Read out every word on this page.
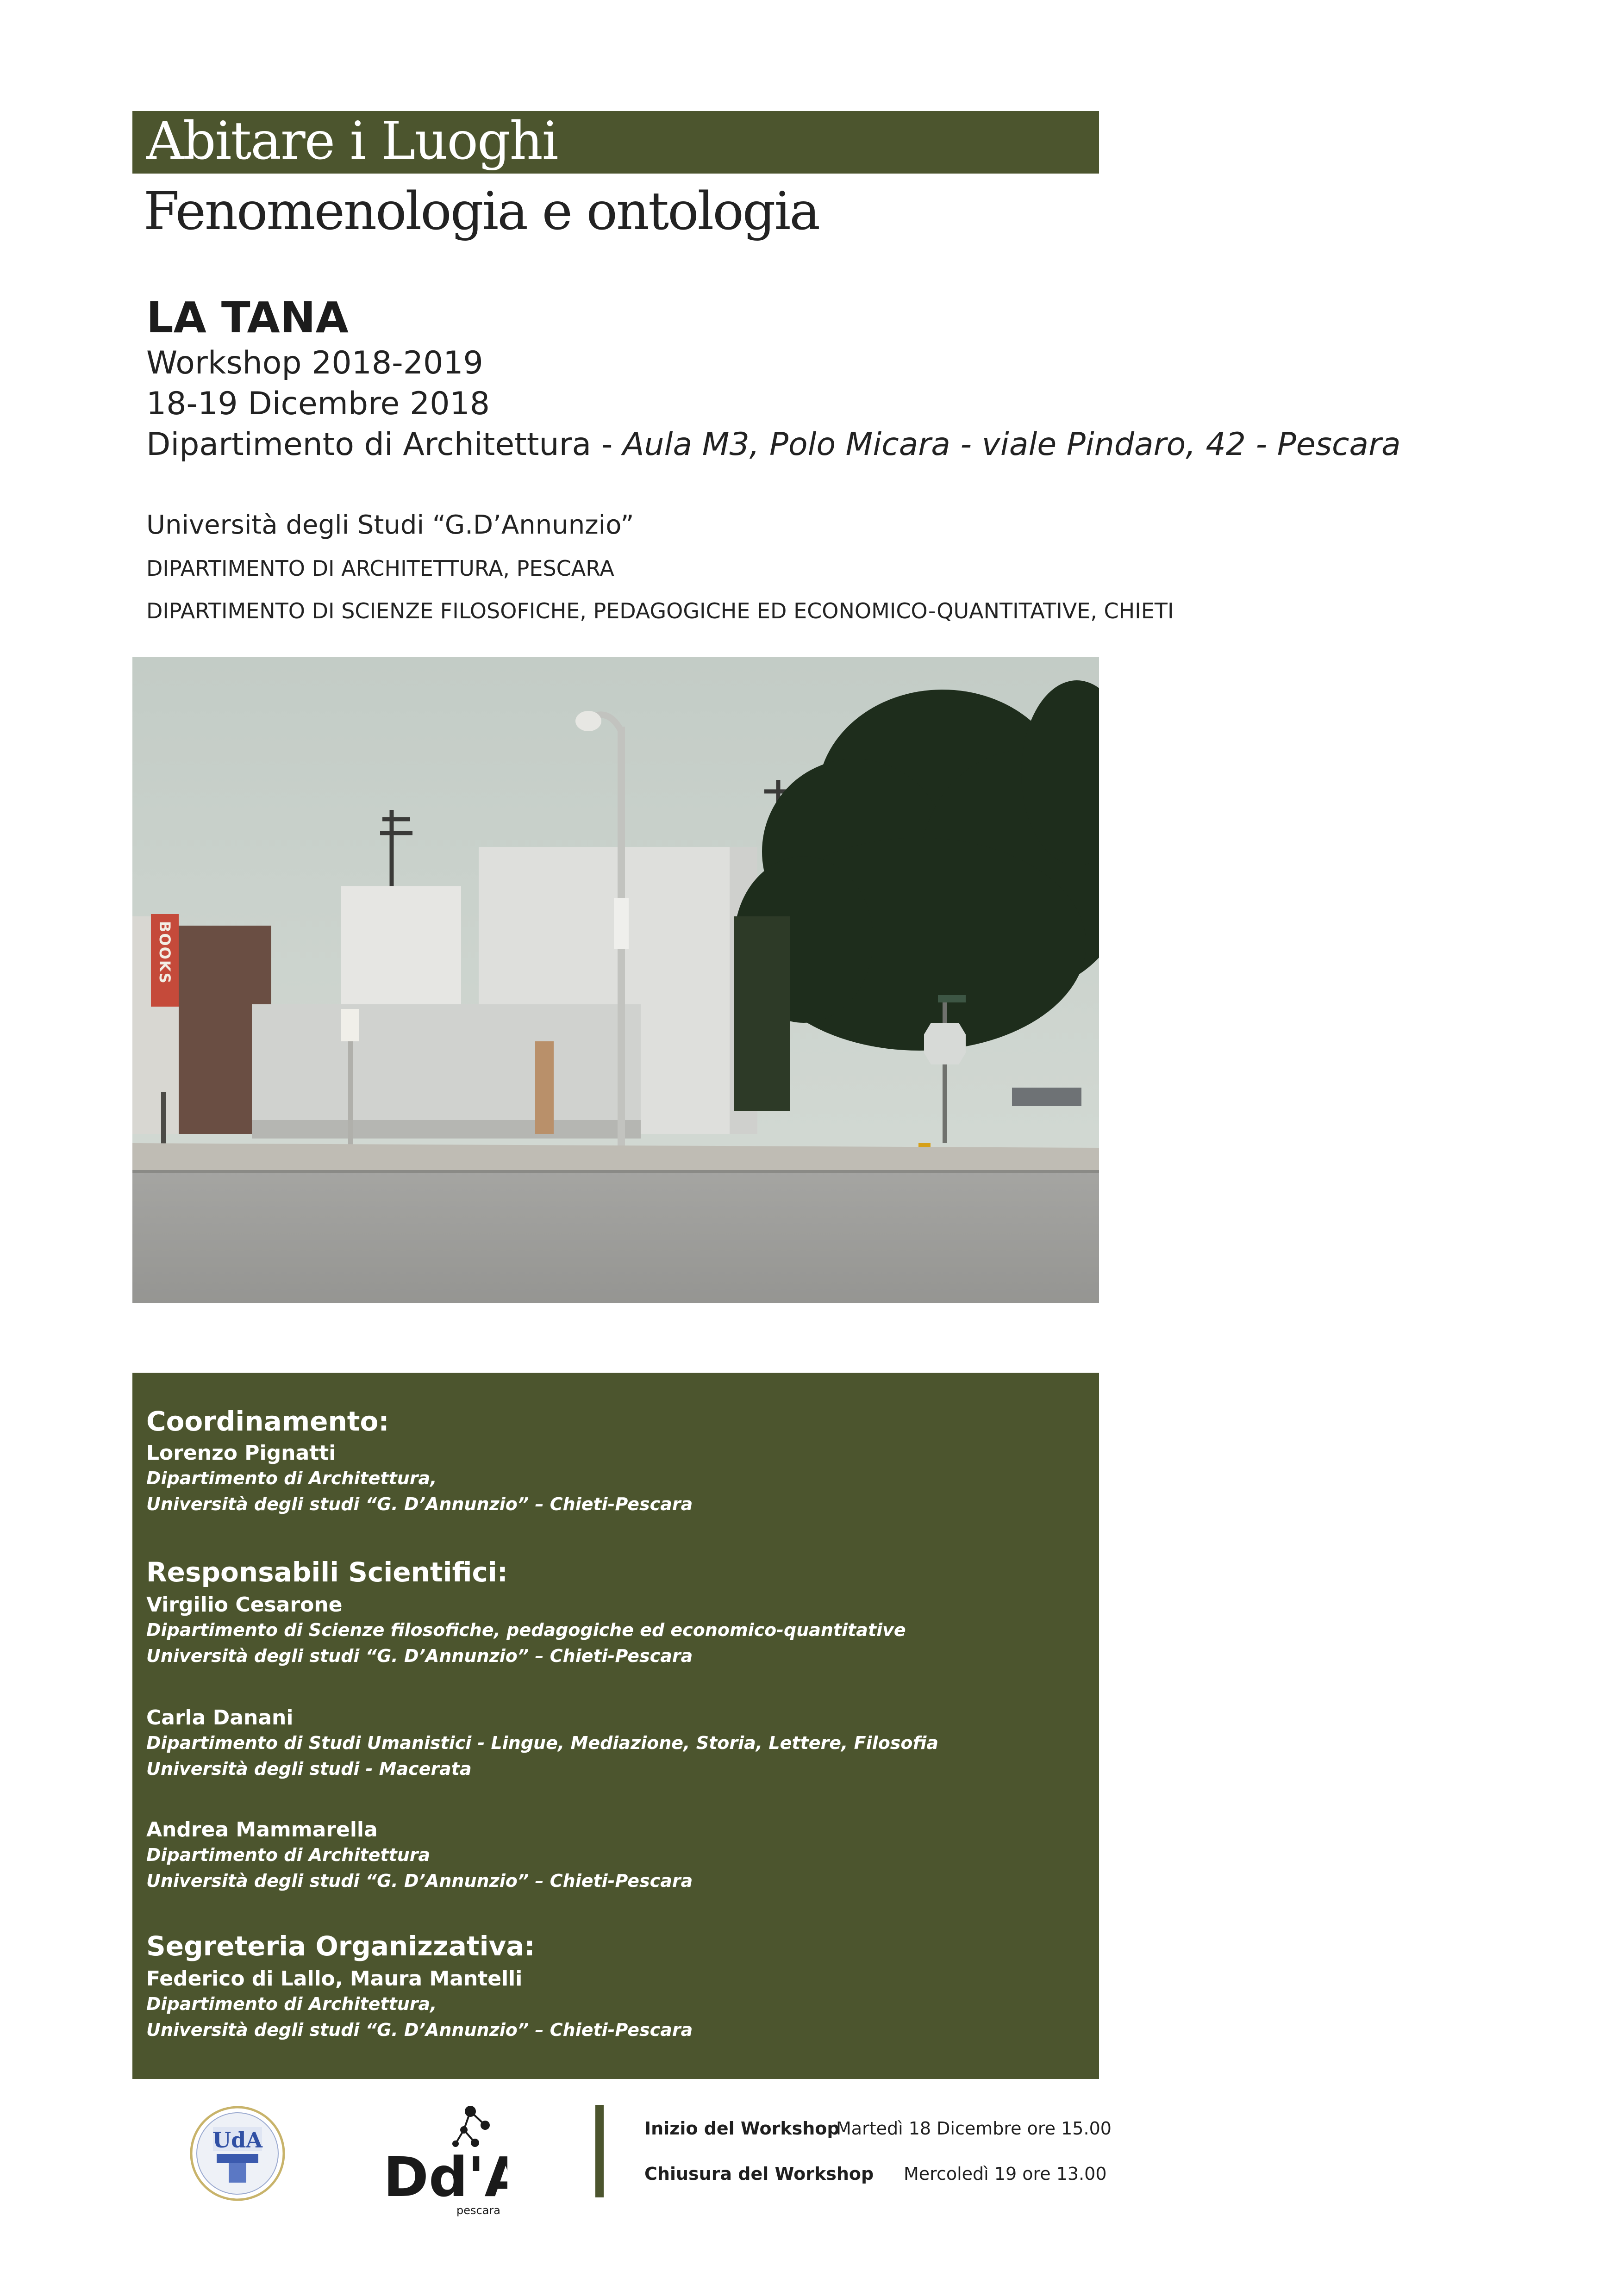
Abitare i Luoghi
Fenomenologia e ontologia
LA TANA
Workshop 2018-2019
18-19 Dicembre 2018
Dipartimento di Architettura - Aula M3, Polo Micara - viale Pindaro, 42 - Pescara
Università degli Studi “G.D’Annunzio”
DIPARTIMENTO DI ARCHITETTURA, PESCARA
DIPARTIMENTO DI SCIENZE FILOSOFICHE, PEDAGOGICHE ED ECONOMICO-QUANTITATIVE, CHIETI
BOOKS
Coordinamento:
Lorenzo Pignatti
Dipartimento di Architettura,
Università degli studi “G. D’Annunzio” – Chieti-Pescara
Responsabili Scientifici:
Virgilio Cesarone
Dipartimento di Scienze filosofiche, pedagogiche ed economico-quantitative
Università degli studi “G. D’Annunzio” – Chieti-Pescara
Carla Danani
Dipartimento di Studi Umanistici - Lingue, Mediazione, Storia, Lettere, Filosofia
Università degli studi - Macerata
Andrea Mammarella
Dipartimento di Architettura
Università degli studi “G. D’Annunzio” – Chieti-Pescara
Segreteria Organizzativa:
Federico di Lallo, Maura Mantelli
Dipartimento di Architettura,
Università degli studi “G. D’Annunzio” – Chieti-Pescara
UdA
Dd'A
pescara
Inizio del Workshop
Martedì 18 Dicembre ore 15.00
Chiusura del Workshop Mercoledì 19 ore 13.00
